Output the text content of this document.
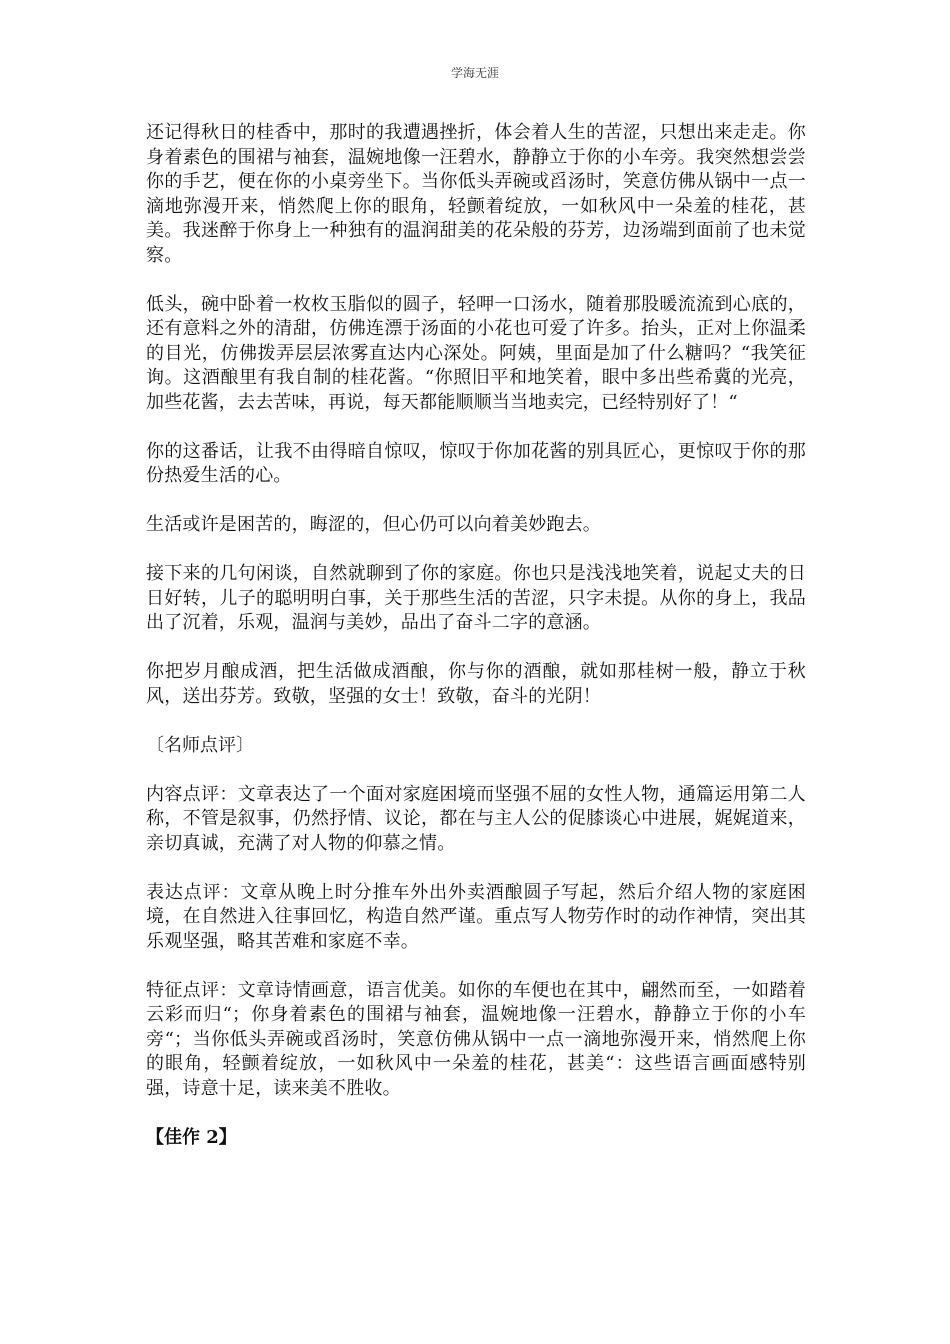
学海无涯

还记得秋日的桂香中，那时的我遭遇挫折，体会着人生的苦涩，只想出来走走。你身着素色的围裙与袖套，温婉地像一汪碧水，静静立于你的小车旁。我突然想尝尝你的手艺，便在你的小桌旁坐下。当你低头弄碗或舀汤时，笑意仿佛从锅中一点一滴地弥漫开来，悄然爬上你的眼角，轻颤着绽放，一如秋风中一朵羞的桂花，甚美。我迷醉于你身上一种独有的温润甜美的花朵般的芬芳，边汤端到面前了也未觉察。

低头，碗中卧着一枚枚玉脂似的圆子，轻呷一口汤水，随着那股暖流流到心底的，还有意料之外的清甜，仿佛连漂于汤面的小花也可爱了许多。抬头，正对上你温柔的目光，仿佛拨弄层层浓雾直达内心深处。阿姨，里面是加了什么糖吗？“我笑征询。这酒酿里有我自制的桂花酱。“你照旧平和地笑着，眼中多出些希冀的光亮，加些花酱，去去苦味，再说，每天都能顺顺当当地卖完，已经特别好了！“

你的这番话，让我不由得暗自惊叹，惊叹于你加花酱的别具匠心，更惊叹于你的那份热爱生活的心。

生活或许是困苦的，晦涩的，但心仍可以向着美妙跑去。

接下来的几句闲谈，自然就聊到了你的家庭。你也只是浅浅地笑着，说起丈夫的日日好转，儿子的聪明明白事，关于那些生活的苦涩，只字未提。从你的身上，我品出了沉着，乐观，温润与美妙，品出了奋斗二字的意涵。

你把岁月酿成酒，把生活做成酒酿，你与你的酒酿，就如那桂树一般，静立于秋风，送出芬芳。致敬，坚强的女士！致敬，奋斗的光阴！

〔名师点评〕

内容点评：文章表达了一个面对家庭困境而坚强不屈的女性人物，通篇运用第二人称，不管是叙事，仍然抒情、议论，都在与主人公的促膝谈心中进展，娓娓道来，亲切真诚，充满了对人物的仰慕之情。

表达点评：文章从晚上时分推车外出外卖酒酿圆子写起，然后介绍人物的家庭困境，在自然进入往事回忆，构造自然严谨。重点写人物劳作时的动作神情，突出其乐观坚强，略其苦难和家庭不幸。

特征点评：文章诗情画意，语言优美。如你的车便也在其中，翩然而至，一如踏着云彩而归“；你身着素色的围裙与袖套，温婉地像一汪碧水，静静立于你的小车旁“；当你低头弄碗或舀汤时，笑意仿佛从锅中一点一滴地弥漫开来，悄然爬上你的眼角，轻颤着绽放，一如秋风中一朵羞的桂花，甚美“：这些语言画面感特别强，诗意十足，读来美不胜收。

【佳作 2】
